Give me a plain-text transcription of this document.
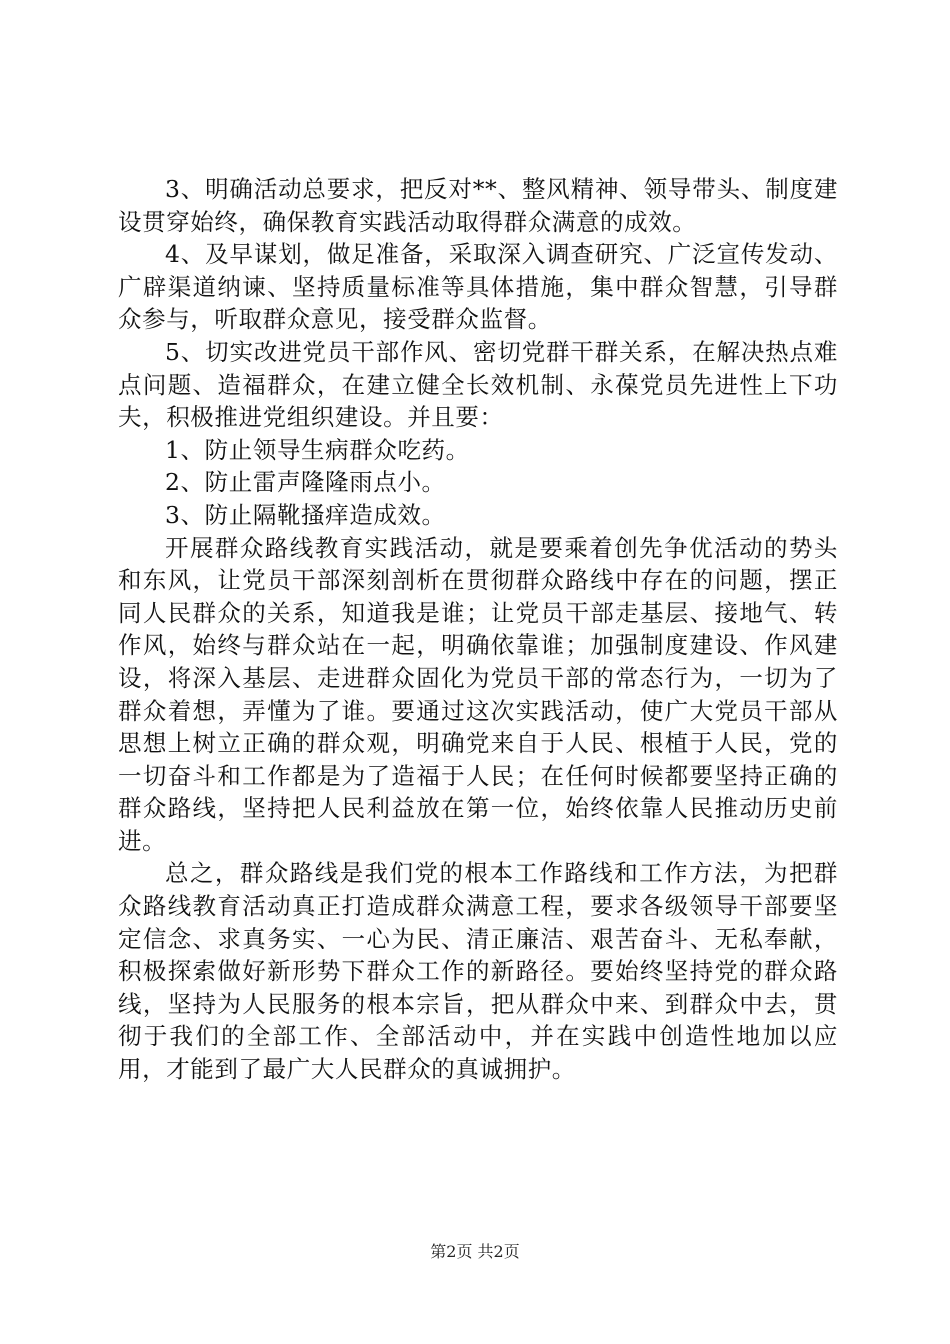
3、明确活动总要求，把反对**、整风精神、领导带头、制度建设贯穿始终，确保教育实践活动取得群众满意的成效。

4、及早谋划，做足准备，采取深入调查研究、广泛宣传发动、广辟渠道纳谏、坚持质量标准等具体措施，集中群众智慧，引导群众参与，听取群众意见，接受群众监督。

5、切实改进党员干部作风、密切党群干群关系，在解决热点难点问题、造福群众，在建立健全长效机制、永葆党员先进性上下功夫，积极推进党组织建设。并且要：

1、防止领导生病群众吃药。

2、防止雷声隆隆雨点小。

3、防止隔靴搔痒造成效。

开展群众路线教育实践活动，就是要乘着创先争优活动的势头和东风，让党员干部深刻剖析在贯彻群众路线中存在的问题，摆正同人民群众的关系，知道我是谁；让党员干部走基层、接地气、转作风，始终与群众站在一起，明确依靠谁；加强制度建设、作风建设，将深入基层、走进群众固化为党员干部的常态行为，一切为了群众着想，弄懂为了谁。要通过这次实践活动，使广大党员干部从思想上树立正确的群众观，明确党来自于人民、根植于人民，党的一切奋斗和工作都是为了造福于人民；在任何时候都要坚持正确的群众路线，坚持把人民利益放在第一位，始终依靠人民推动历史前进。

总之，群众路线是我们党的根本工作路线和工作方法，为把群众路线教育活动真正打造成群众满意工程，要求各级领导干部要坚定信念、求真务实、一心为民、清正廉洁、艰苦奋斗、无私奉献，积极探索做好新形势下群众工作的新路径。要始终坚持党的群众路线，坚持为人民服务的根本宗旨，把从群众中来、到群众中去，贯彻于我们的全部工作、全部活动中，并在实践中创造性地加以应用，才能到了最广大人民群众的真诚拥护。

第2页 共2页
